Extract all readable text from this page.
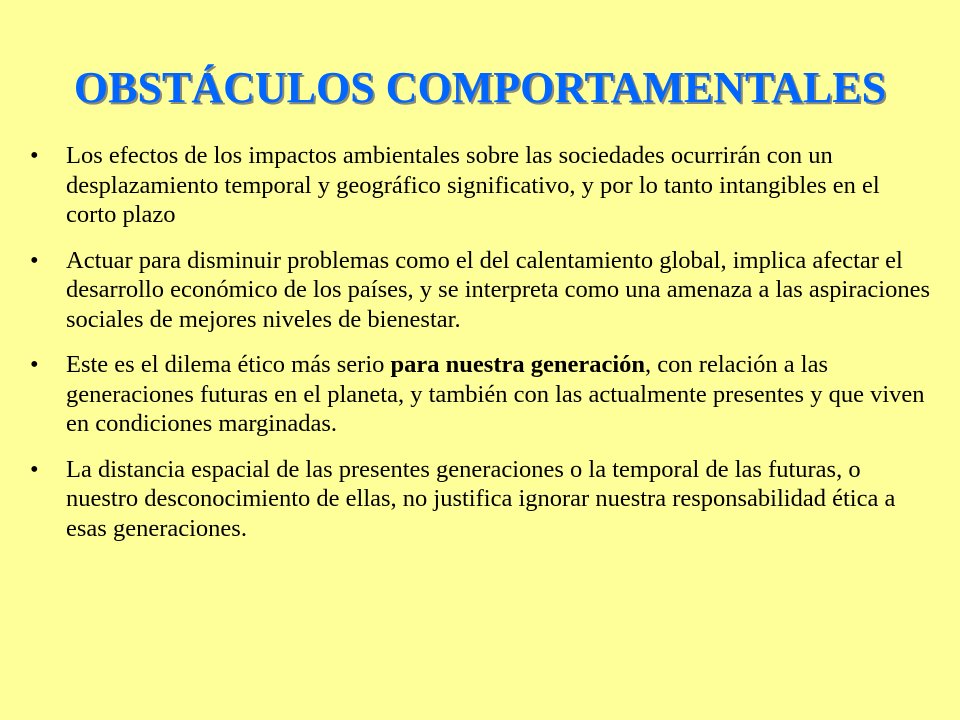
OBSTÁCULOS COMPORTAMENTALES
•	Los efectos de los impactos ambientales sobre las sociedades ocurrirán con un desplazamiento temporal y geográfico significativo, y por lo tanto intangibles en el corto plazo
•	Actuar para disminuir problemas como el del calentamiento global, implica afectar el desarrollo económico de los países, y se interpreta como una amenaza a las aspiraciones sociales de mejores niveles de bienestar.
•	Este es el dilema ético más serio para nuestra generación, con relación a las generaciones futuras en el planeta, y también con las actualmente presentes y que viven en condiciones marginadas.
•	La distancia espacial de las presentes generaciones o la temporal de las futuras, o nuestro desconocimiento de ellas, no justifica ignorar nuestra responsabilidad ética a esas generaciones.
